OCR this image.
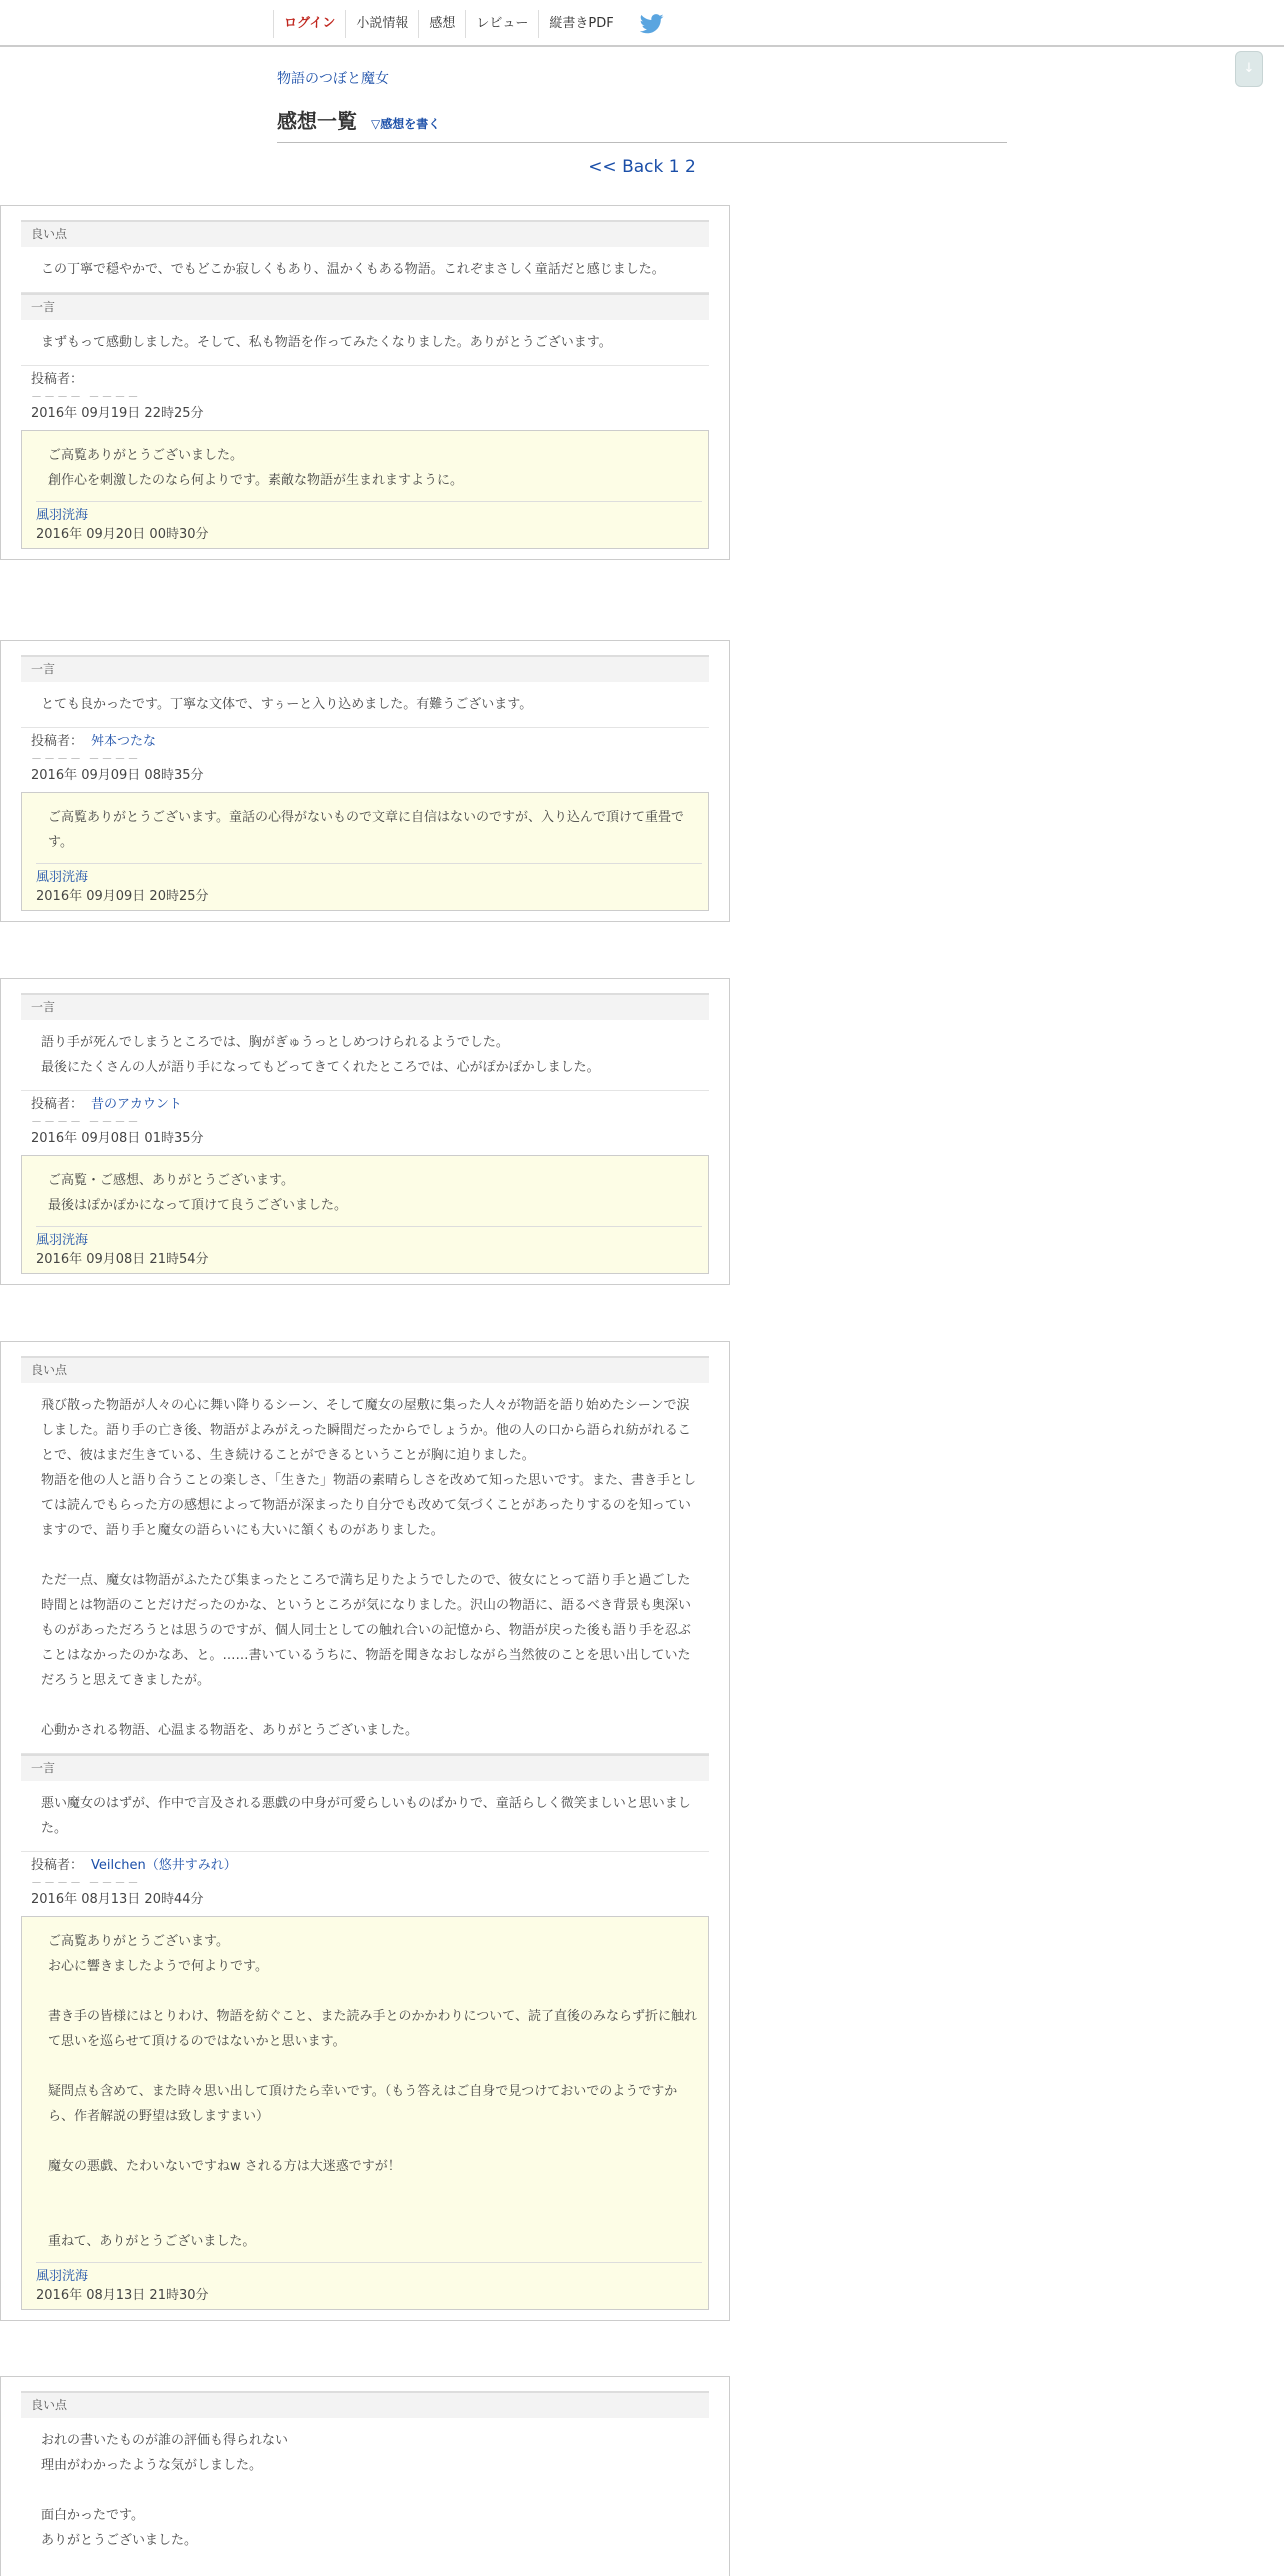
ログイン	小説情報	感想	レビュー	縦書きPDF
↓
物語のつぼと魔女
感想一覧 ▽感想を書く
<< Back 1 2
良い点
この丁寧で穏やかで、でもどこか寂しくもあり、温かくもある物語。これぞまさしく童話だと感じました。
一言
まずもって感動しました。そして、私も物語を作ってみたくなりました。ありがとうございます。
投稿者：
－－－－ －－－－
2016年 09月19日 22時25分
ご高覧ありがとうございました。
創作心を刺激したのなら何よりです。素敵な物語が生まれますように。
風羽洸海
2016年 09月20日 00時30分
一言
とても良かったです。丁寧な文体で、すぅーと入り込めました。有難うございます。
投稿者： 舛本つたな
－－－－ －－－－
2016年 09月09日 08時35分
ご高覧ありがとうございます。童話の心得がないもので文章に自信はないのですが、入り込んで頂けて重畳です。
風羽洸海
2016年 09月09日 20時25分
一言
語り手が死んでしまうところでは、胸がぎゅうっとしめつけられるようでした。
最後にたくさんの人が語り手になってもどってきてくれたところでは、心がぽかぽかしました。
投稿者： 昔のアカウント
－－－－ －－－－
2016年 09月08日 01時35分
ご高覧・ご感想、ありがとうございます。
最後はぽかぽかになって頂けて良うございました。
風羽洸海
2016年 09月08日 21時54分
良い点
飛び散った物語が人々の心に舞い降りるシーン、そして魔女の屋敷に集った人々が物語を語り始めたシーンで涙しました。語り手の亡き後、物語がよみがえった瞬間だったからでしょうか。他の人の口から語られ紡がれることで、彼はまだ生きている、生き続けることができるということが胸に迫りました。
物語を他の人と語り合うことの楽しさ、「生きた」物語の素晴らしさを改めて知った思いです。また、書き手としては読んでもらった方の感想によって物語が深まったり自分でも改めて気づくことがあったりするのを知っていますので、語り手と魔女の語らいにも大いに頷くものがありました。

ただ一点、魔女は物語がふたたび集まったところで満ち足りたようでしたので、彼女にとって語り手と過ごした時間とは物語のことだけだったのかな、というところが気になりました。沢山の物語に、語るべき背景も奥深いものがあっただろうとは思うのですが、個人同士としての触れ合いの記憶から、物語が戻った後も語り手を忍ぶことはなかったのかなあ、と。……書いているうちに、物語を聞きなおしながら当然彼のことを思い出していただろうと思えてきましたが。

心動かされる物語、心温まる物語を、ありがとうございました。
一言
悪い魔女のはずが、作中で言及される悪戯の中身が可愛らしいものばかりで、童話らしく微笑ましいと思いました。
投稿者： Veilchen（悠井すみれ）
－－－－ －－－－
2016年 08月13日 20時44分
ご高覧ありがとうございます。
お心に響きましたようで何よりです。

書き手の皆様にはとりわけ、物語を紡ぐこと、また読み手とのかかわりについて、読了直後のみならず折に触れて思いを巡らせて頂けるのではないかと思います。

疑問点も含めて、また時々思い出して頂けたら幸いです。（もう答えはご自身で見つけておいでのようですから、作者解説の野望は致しますまい）

魔女の悪戯、たわいないですねw される方は大迷惑ですが！

重ねて、ありがとうございました。
風羽洸海
2016年 08月13日 21時30分
良い点
おれの書いたものが誰の評価も得られない
理由がわかったような気がしました。

面白かったです。
ありがとうございました。
